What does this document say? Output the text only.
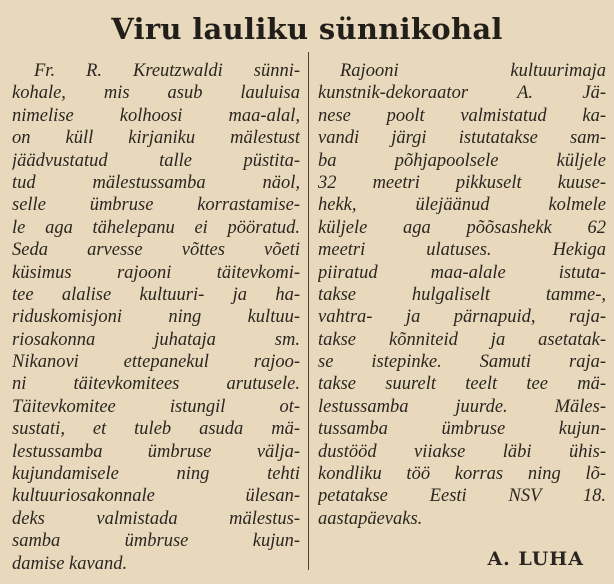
Viru lauliku sünnikohal
Fr. R. Kreutzwaldi sünni-
kohale, mis asub lauluisa
nimelise kolhoosi maa-alal,
on küll kirjaniku mälestust
jäädvustatud talle püstita-
tud mälestussamba näol,
selle ümbruse korrastamise-
le aga tähelepanu ei pööratud.
Seda arvesse võttes võeti
küsimus rajooni täitevkomi-
tee alalise kultuuri- ja ha-
riduskomisjoni ning kultuu-
riosakonna juhataja sm.
Nikanovi ettepanekul rajoo-
ni täitevkomitees arutusele.
Täitevkomitee istungil ot-
sustati, et tuleb asuda mä-
lestussamba ümbruse välja-
kujundamisele ning tehti
kultuuriosakonnale ülesan-
deks valmistada mälestus-
samba ümbruse kujun-
damise kavand.
Rajooni kultuurimaja
kunstnik-dekoraator A. Jä-
nese poolt valmistatud ka-
vandi järgi istutatakse sam-
ba põhjapoolsele küljele
32 meetri pikkuselt kuuse-
hekk, ülejäänud kolmele
küljele aga põõsashekk 62
meetri ulatuses. Hekiga
piiratud maa-alale istuta-
takse hulgaliselt tamme-,
vahtra- ja pärnapuid, raja-
takse kõnniteid ja asetatak-
se istepinke. Samuti raja-
takse suurelt teelt tee mä-
lestussamba juurde. Mäles-
tussamba ümbruse kujun-
dustööd viiakse läbi ühis-
kondliku töö korras ning lõ-
petatakse Eesti NSV 18.
aastapäevaks.
A. LUHA
